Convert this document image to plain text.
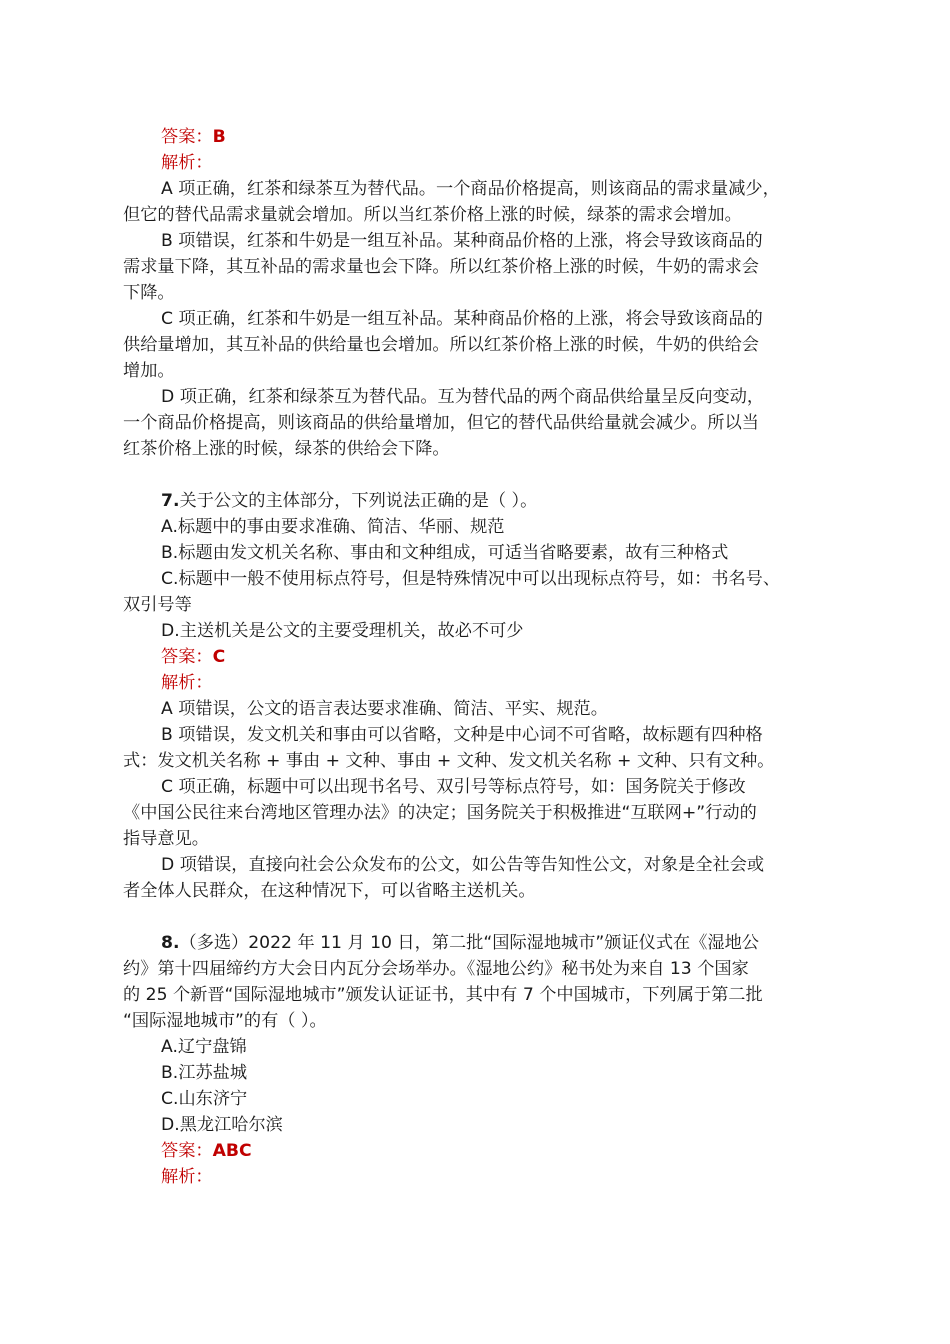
答案：B
解析：
A 项正确，红茶和绿茶互为替代品。一个商品价格提高，则该商品的需求量减少，
但它的替代品需求量就会增加。所以当红茶价格上涨的时候，绿茶的需求会增加。
B 项错误，红茶和牛奶是一组互补品。某种商品价格的上涨，将会导致该商品的
需求量下降，其互补品的需求量也会下降。所以红茶价格上涨的时候，牛奶的需求会
下降。
C 项正确，红茶和牛奶是一组互补品。某种商品价格的上涨，将会导致该商品的
供给量增加，其互补品的供给量也会增加。所以红茶价格上涨的时候，牛奶的供给会
增加。
D 项正确，红茶和绿茶互为替代品。互为替代品的两个商品供给量呈反向变动，
一个商品价格提高，则该商品的供给量增加，但它的替代品供给量就会减少。所以当
红茶价格上涨的时候，绿茶的供给会下降。
7.关于公文的主体部分，下列说法正确的是（ ）。
A.标题中的事由要求准确、简洁、华丽、规范
B.标题由发文机关名称、事由和文种组成，可适当省略要素，故有三种格式
C.标题中一般不使用标点符号，但是特殊情况中可以出现标点符号，如：书名号、
双引号等
D.主送机关是公文的主要受理机关，故必不可少
答案：C
解析：
A 项错误，公文的语言表达要求准确、简洁、平实、规范。
B 项错误，发文机关和事由可以省略，文种是中心词不可省略，故标题有四种格
式：发文机关名称 + 事由 + 文种、事由 + 文种、发文机关名称 + 文种、只有文种。
C 项正确，标题中可以出现书名号、双引号等标点符号，如：国务院关于修改
《中国公民往来台湾地区管理办法》的决定；国务院关于积极推进“互联网+”行动的
指导意见。
D 项错误，直接向社会公众发布的公文，如公告等告知性公文，对象是全社会或
者全体人民群众，在这种情况下，可以省略主送机关。
8.（多选）2022 年 11 月 10 日，第二批“国际湿地城市”颁证仪式在《湿地公
约》第十四届缔约方大会日内瓦分会场举办。《湿地公约》秘书处为来自 13 个国家
的 25 个新晋“国际湿地城市”颁发认证证书，其中有 7 个中国城市，下列属于第二批
“国际湿地城市”的有（ ）。
A.辽宁盘锦
B.江苏盐城
C.山东济宁
D.黑龙江哈尔滨
答案：ABC
解析：
